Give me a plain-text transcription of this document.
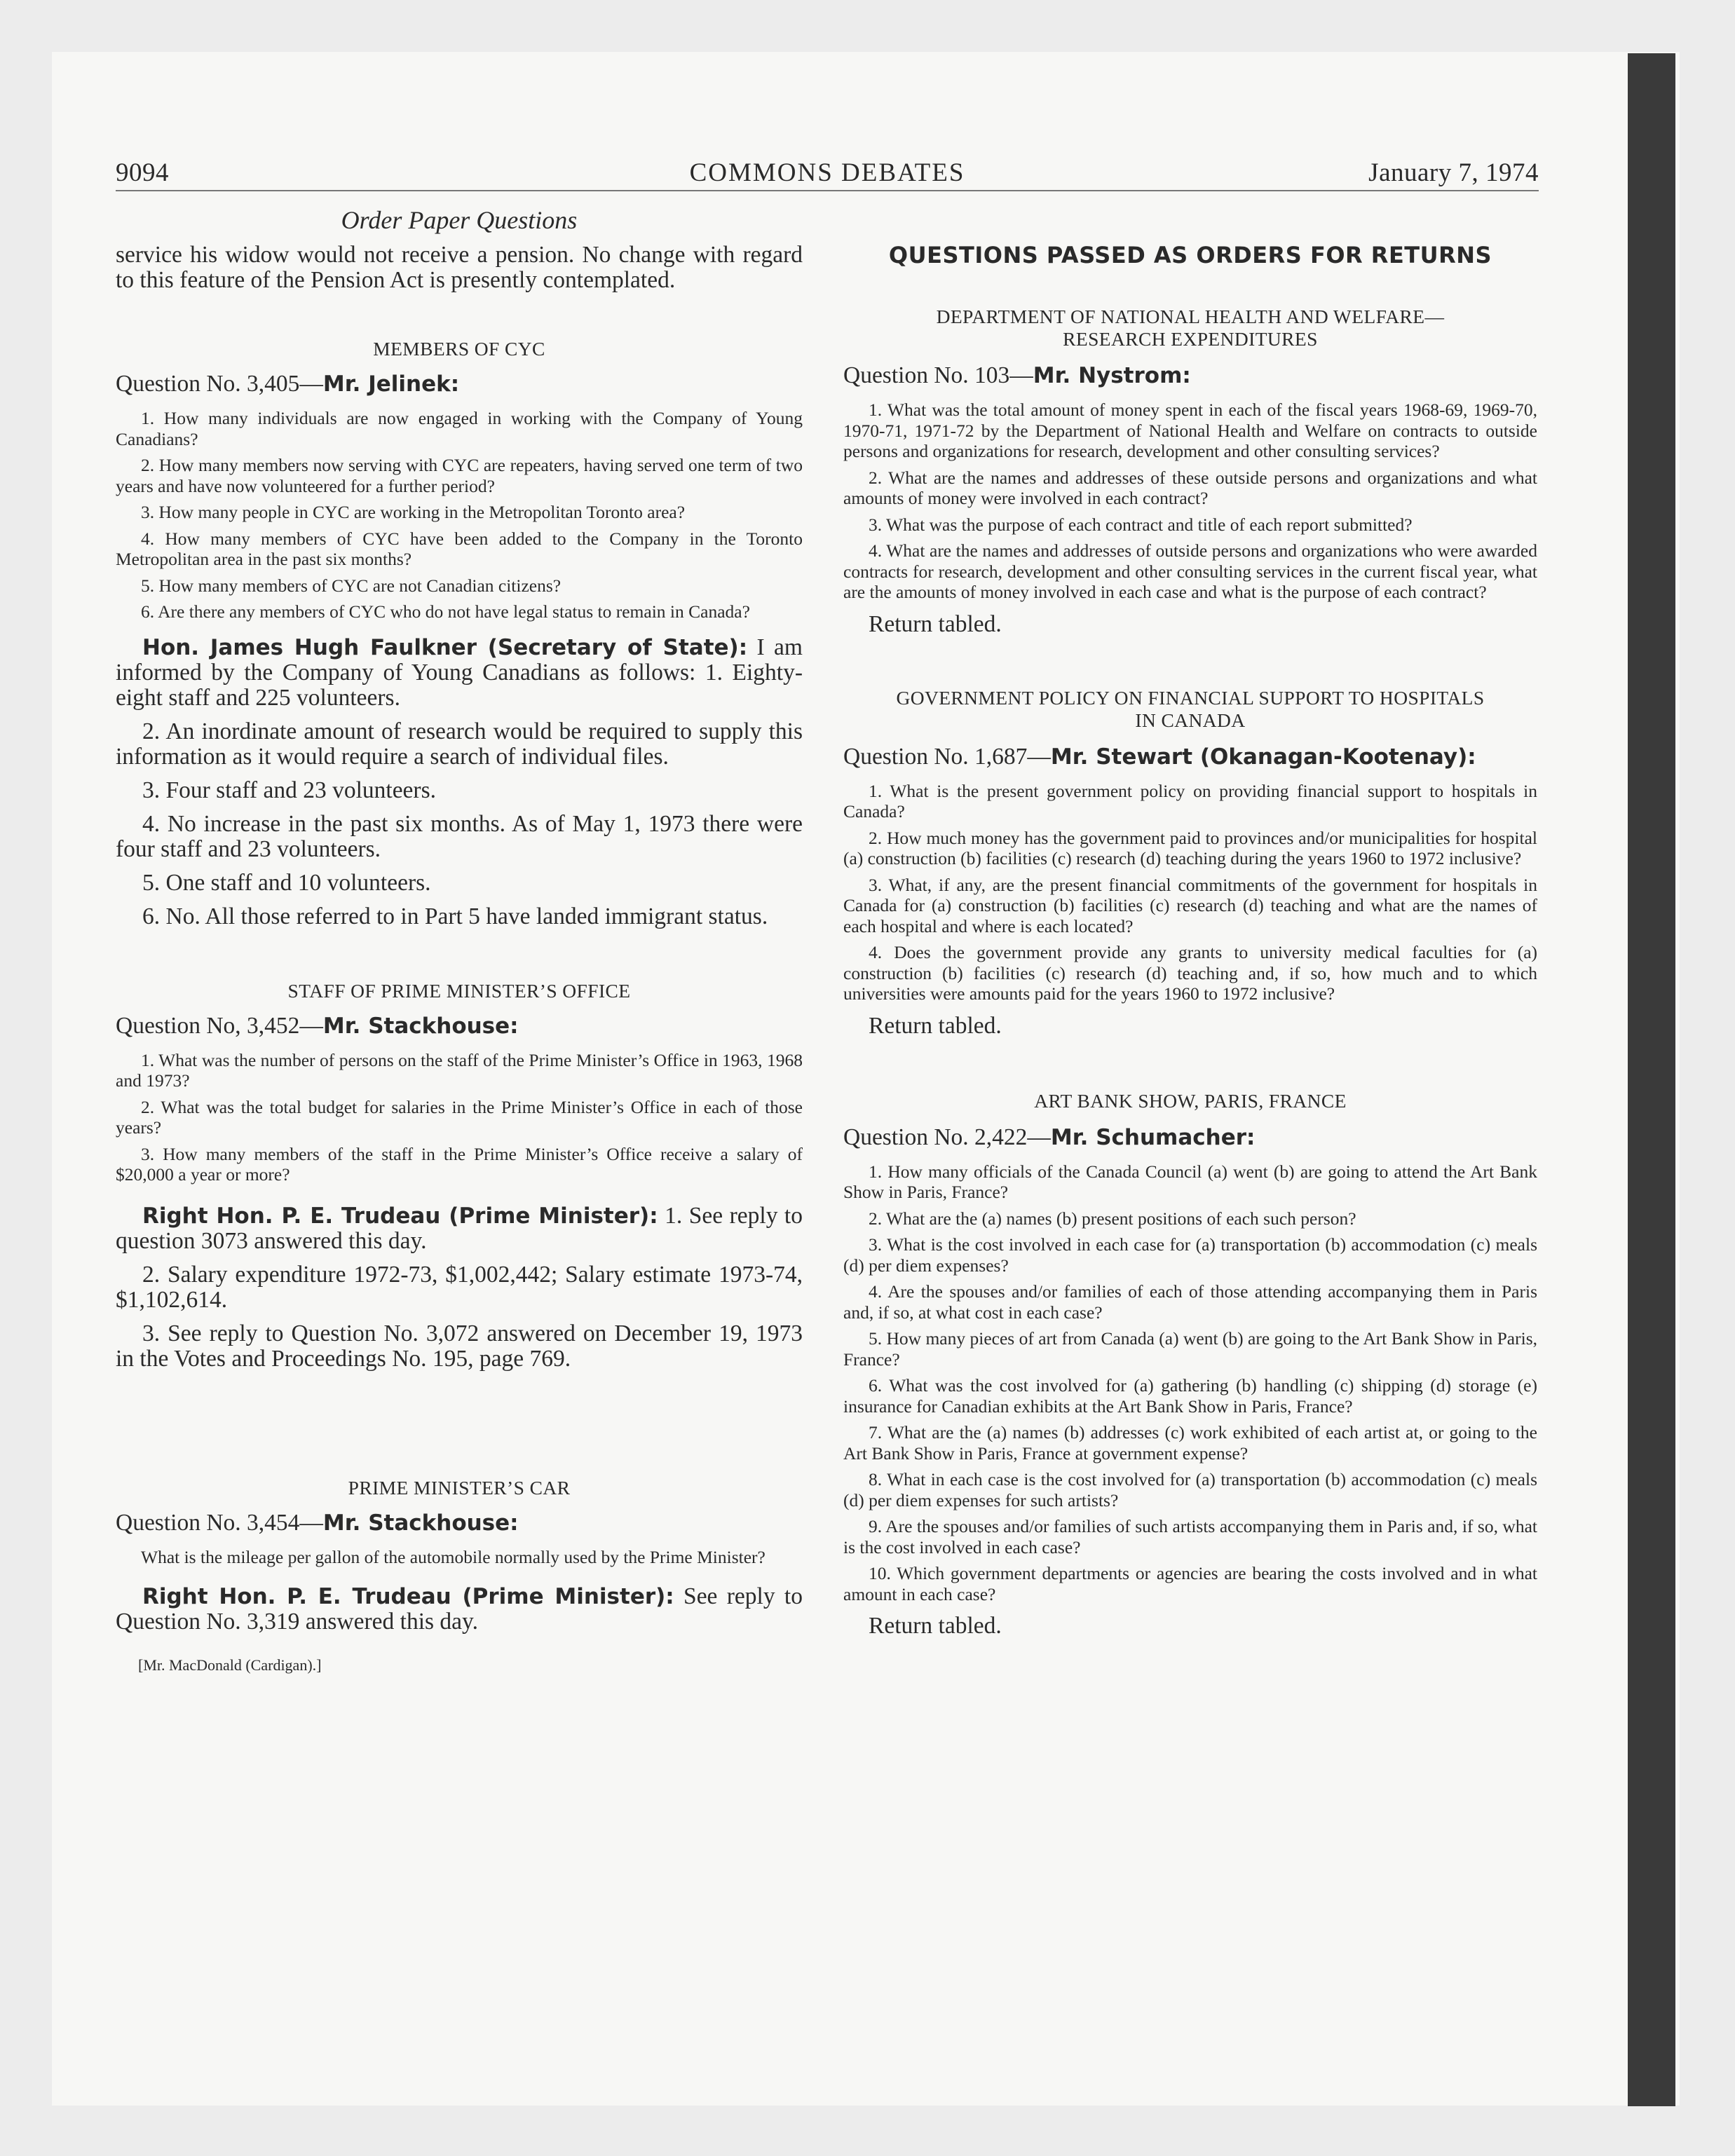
9094	COMMONS DEBATES	January 7, 1974

Order Paper Questions

service his widow would not receive a pension. No change with regard to this feature of the Pension Act is presently contemplated.

MEMBERS OF CYC

Question No. 3,405—Mr. Jelinek:

1. How many individuals are now engaged in working with the Company of Young Canadians?

2. How many members now serving with CYC are repeaters, having served one term of two years and have now volunteered for a further period?

3. How many people in CYC are working in the Metropolitan Toronto area?

4. How many members of CYC have been added to the Company in the Toronto Metropolitan area in the past six months?

5. How many members of CYC are not Canadian citizens?

6. Are there any members of CYC who do not have legal status to remain in Canada?

Hon. James Hugh Faulkner (Secretary of State): I am informed by the Company of Young Canadians as follows: 1. Eighty-eight staff and 225 volunteers.

2. An inordinate amount of research would be required to supply this information as it would require a search of individual files.

3. Four staff and 23 volunteers.

4. No increase in the past six months. As of May 1, 1973 there were four staff and 23 volunteers.

5. One staff and 10 volunteers.

6. No. All those referred to in Part 5 have landed immigrant status.

STAFF OF PRIME MINISTER’S OFFICE

Question No, 3,452—Mr. Stackhouse:

1. What was the number of persons on the staff of the Prime Minister’s Office in 1963, 1968 and 1973?

2. What was the total budget for salaries in the Prime Minister’s Office in each of those years?

3. How many members of the staff in the Prime Minister’s Office receive a salary of $20,000 a year or more?

Right Hon. P. E. Trudeau (Prime Minister): 1. See reply to question 3073 answered this day.

2. Salary expenditure 1972-73, $1,002,442; Salary estimate 1973-74, $1,102,614.

3. See reply to Question No. 3,072 answered on December 19, 1973 in the Votes and Proceedings No. 195, page 769.

PRIME MINISTER’S CAR

Question No. 3,454—Mr. Stackhouse:

What is the mileage per gallon of the automobile normally used by the Prime Minister?

Right Hon. P. E. Trudeau (Prime Minister): See reply to Question No. 3,319 answered this day.

[Mr. MacDonald (Cardigan).]

QUESTIONS PASSED AS ORDERS FOR RETURNS

DEPARTMENT OF NATIONAL HEALTH AND WELFARE— RESEARCH EXPENDITURES

Question No. 103—Mr. Nystrom:

1. What was the total amount of money spent in each of the fiscal years 1968-69, 1969-70, 1970-71, 1971-72 by the Department of National Health and Welfare on contracts to outside persons and organizations for research, development and other consulting services?

2. What are the names and addresses of these outside persons and organizations and what amounts of money were involved in each contract?

3. What was the purpose of each contract and title of each report submitted?

4. What are the names and addresses of outside persons and organizations who were awarded contracts for research, development and other consulting services in the current fiscal year, what are the amounts of money involved in each case and what is the purpose of each contract?

Return tabled.

GOVERNMENT POLICY ON FINANCIAL SUPPORT TO HOSPITALS IN CANADA

Question No. 1,687—Mr. Stewart (Okanagan-Kootenay):

1. What is the present government policy on providing financial support to hospitals in Canada?

2. How much money has the government paid to provinces and/or municipalities for hospital (a) construction (b) facilities (c) research (d) teaching during the years 1960 to 1972 inclusive?

3. What, if any, are the present financial commitments of the government for hospitals in Canada for (a) construction (b) facilities (c) research (d) teaching and what are the names of each hospital and where is each located?

4. Does the government provide any grants to university medical faculties for (a) construction (b) facilities (c) research (d) teaching and, if so, how much and to which universities were amounts paid for the years 1960 to 1972 inclusive?

Return tabled.

ART BANK SHOW, PARIS, FRANCE

Question No. 2,422—Mr. Schumacher:

1. How many officials of the Canada Council (a) went (b) are going to attend the Art Bank Show in Paris, France?

2. What are the (a) names (b) present positions of each such person?

3. What is the cost involved in each case for (a) transportation (b) accommodation (c) meals (d) per diem expenses?

4. Are the spouses and/or families of each of those attending accompanying them in Paris and, if so, at what cost in each case?

5. How many pieces of art from Canada (a) went (b) are going to the Art Bank Show in Paris, France?

6. What was the cost involved for (a) gathering (b) handling (c) shipping (d) storage (e) insurance for Canadian exhibits at the Art Bank Show in Paris, France?

7. What are the (a) names (b) addresses (c) work exhibited of each artist at, or going to the Art Bank Show in Paris, France at government expense?

8. What in each case is the cost involved for (a) transportation (b) accommodation (c) meals (d) per diem expenses for such artists?

9. Are the spouses and/or families of such artists accompanying them in Paris and, if so, what is the cost involved in each case?

10. Which government departments or agencies are bearing the costs involved and in what amount in each case?

Return tabled.
